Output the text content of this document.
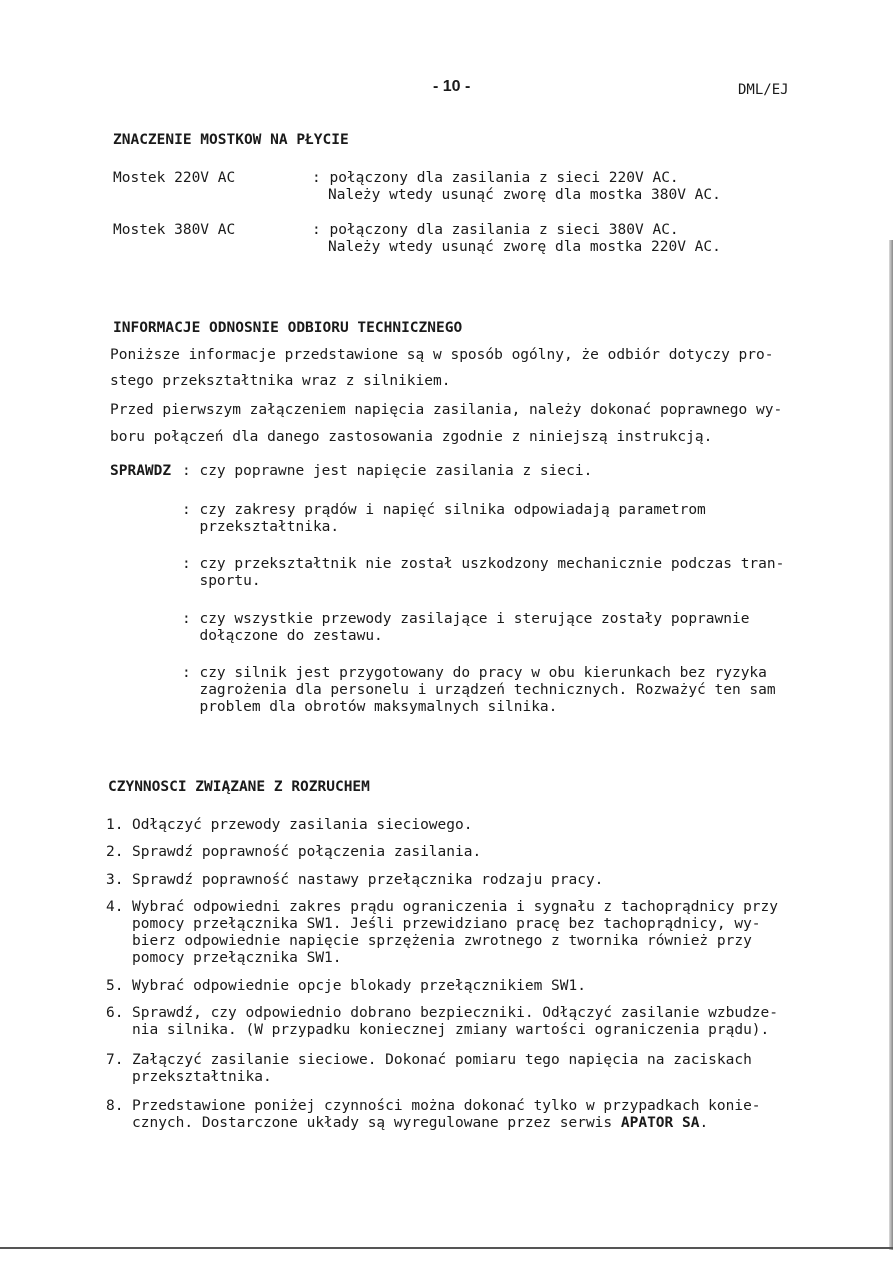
- 10 -	DML/EJ
ZNACZENIE MOSTKOW NA PŁYCIE
Mostek 220V AC	: połączony dla zasilania z sieci 220V AC.
Należy wtedy usunąć zworę dla mostka 380V AC.
Mostek 380V AC	: połączony dla zasilania z sieci 380V AC.
Należy wtedy usunąć zworę dla mostka 220V AC.
INFORMACJE ODNOSNIE ODBIORU TECHNICZNEGO
Poniższe informacje przedstawione są w sposób ogólny, że odbiór dotyczy pro-
stego przekształtnika wraz z silnikiem.
Przed pierwszym załączeniem napięcia zasilania, należy dokonać poprawnego wy-
boru połączeń dla danego zastosowania zgodnie z niniejszą instrukcją.
SPRAWDZ : czy poprawne jest napięcie zasilania z sieci.
: czy zakresy prądów i napięć silnika odpowiadają parametrom
przekształtnika.
: czy przekształtnik nie został uszkodzony mechanicznie podczas tran-
sportu.
: czy wszystkie przewody zasilające i sterujące zostały poprawnie
dołączone do zestawu.
: czy silnik jest przygotowany do pracy w obu kierunkach bez ryzyka
zagrożenia dla personelu i urządzeń technicznych. Rozważyć ten sam
problem dla obrotów maksymalnych silnika.
CZYNNOSCI ZWIĄZANE Z ROZRUCHEM
1. Odłączyć przewody zasilania sieciowego.
2. Sprawdź poprawność połączenia zasilania.
3. Sprawdź poprawność nastawy przełącznika rodzaju pracy.
4. Wybrać odpowiedni zakres prądu ograniczenia i sygnału z tachoprądnicy przy
pomocy przełącznika SW1. Jeśli przewidziano pracę bez tachoprądnicy, wy-
bierz odpowiednie napięcie sprzężenia zwrotnego z twornika również przy
pomocy przełącznika SW1.
5. Wybrać odpowiednie opcje blokady przełącznikiem SW1.
6. Sprawdź, czy odpowiednio dobrano bezpieczniki. Odłączyć zasilanie wzbudze-
nia silnika. (W przypadku koniecznej zmiany wartości ograniczenia prądu).
7. Załączyć zasilanie sieciowe. Dokonać pomiaru tego napięcia na zaciskach
przekształtnika.
8. Przedstawione poniżej czynności można dokonać tylko w przypadkach konie-
cznych. Dostarczone układy są wyregulowane przez serwis APATOR SA.
